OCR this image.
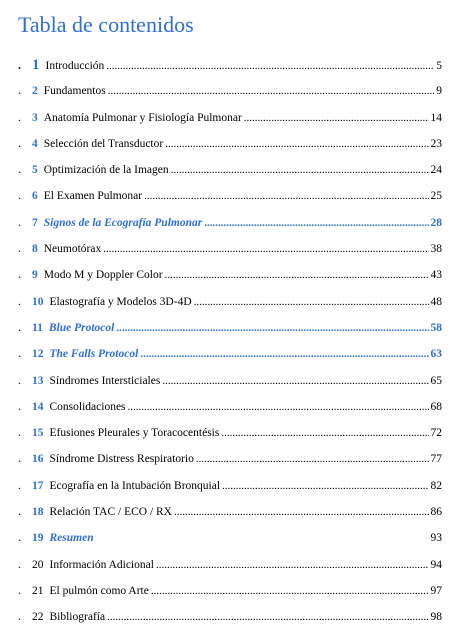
Tabla de contenidos
. 1 Introducción .....	5
. 2 Fundamentos .....	9
. 3 Anatomía Pulmonar y Fisiología Pulmonar .....	14
. 4 Selección del Transductor .....	23
. 5 Optimización de la Imagen .....	24
. 6 El Examen Pulmonar .....	25
. 7 Signos de la Ecografía Pulmonar .....	28
. 8 Neumotórax .....	38
. 9 Modo M y Doppler Color .....	43
. 10 Elastografía y Modelos 3D-4D .....	48
. 11 Blue Protocol .....	58
. 12 The Falls Protocol .....	63
. 13 Síndromes Intersticiales .....	65
. 14 Consolidaciones .....	68
. 15 Efusiones Pleurales y Toracocentésis .....	72
. 16 Síndrome Distress Respiratorio .....	77
. 17 Ecografía en la Intubación Bronquial .....	82
. 18 Relación TAC / ECO / RX .....	86
. 19 Resumen	93
. 20 Información Adicional .....	94
. 21 El pulmón como Arte .....	97
. 22 Bibliografía .....	98
